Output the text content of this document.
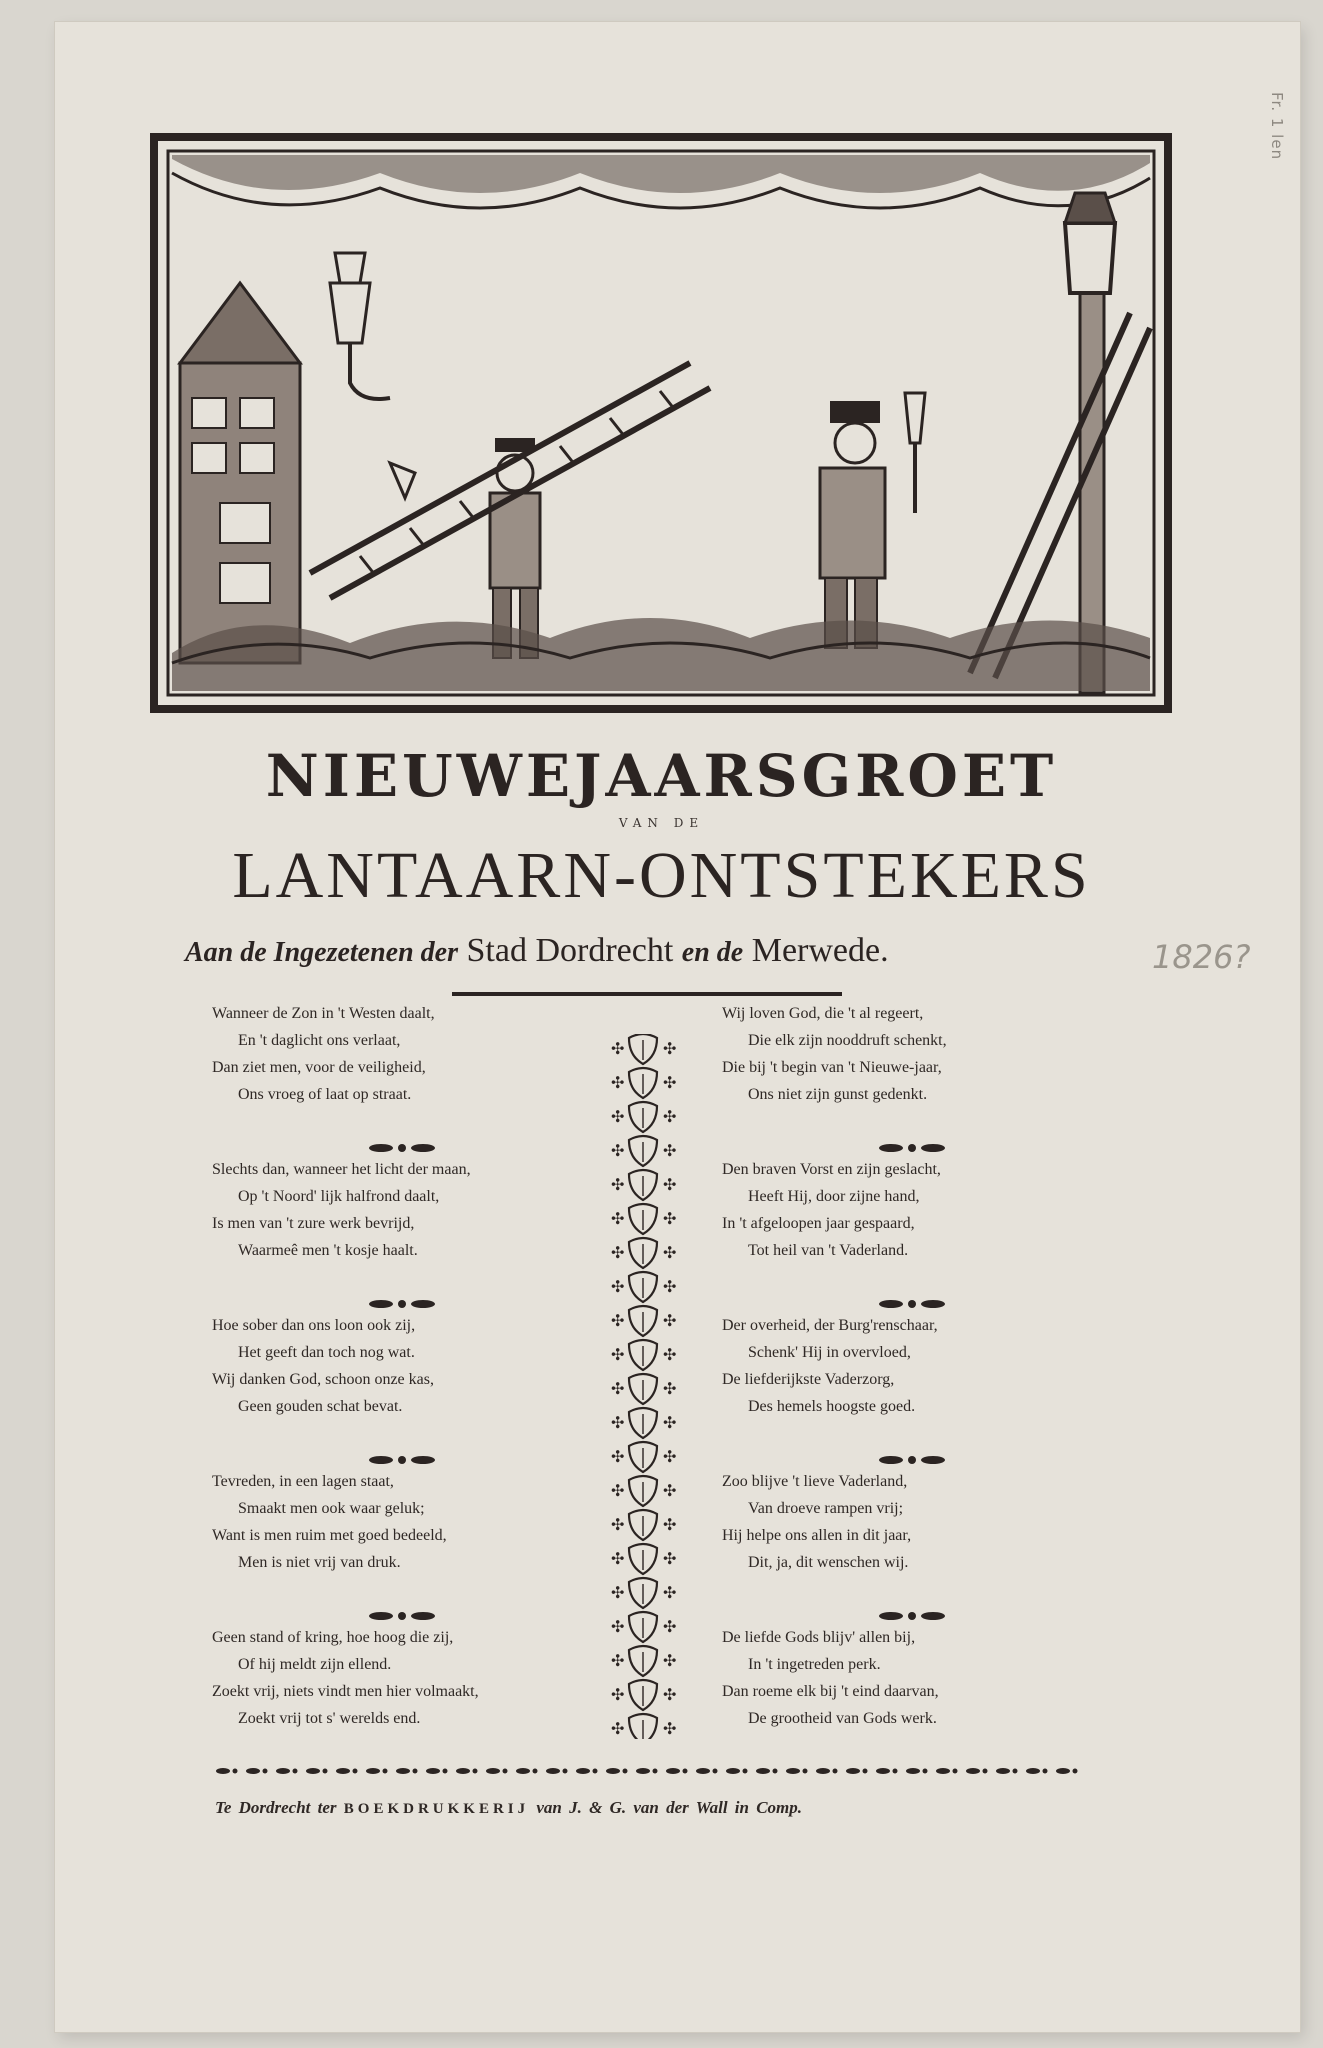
Fr. 1 len
NIEUWEJAARSGROET
VAN DE
LANTAARN-ONTSTEKERS
Aan de Ingezetenen der Stad Dordrecht en de Merwede.	1826?
Wanneer de Zon in 't Westen daalt,
En 't daglicht ons verlaat,
Dan ziet men, voor de veiligheid,
Ons vroeg of laat op straat.
Slechts dan, wanneer het licht der maan,
Op 't Noord' lijk halfrond daalt,
Is men van 't zure werk bevrijd,
Waarmeê men 't kosje haalt.
Hoe sober dan ons loon ook zij,
Het geeft dan toch nog wat.
Wij danken God, schoon onze kas,
Geen gouden schat bevat.
Tevreden, in een lagen staat,
Smaakt men ook waar geluk;
Want is men ruim met goed bedeeld,
Men is niet vrij van druk.
Geen stand of kring, hoe hoog die zij,
Of hij meldt zijn ellend.
Zoekt vrij, niets vindt men hier volmaakt,
Zoekt vrij tot s' werelds end.
Wij loven God, die 't al regeert,
Die elk zijn nooddruft schenkt,
Die bij 't begin van 't Nieuwe-jaar,
Ons niet zijn gunst gedenkt.
Den braven Vorst en zijn geslacht,
Heeft Hij, door zijne hand,
In 't afgeloopen jaar gespaard,
Tot heil van 't Vaderland.
Der overheid, der Burg'renschaar,
Schenk' Hij in overvloed,
De liefderijkste Vaderzorg,
Des hemels hoogste goed.
Zoo blijve 't lieve Vaderland,
Van droeve rampen vrij;
Hij helpe ons allen in dit jaar,
Dit, ja, dit wenschen wij.
De liefde Gods blijv' allen bij,
In 't ingetreden perk.
Dan roeme elk bij 't eind daarvan,
De grootheid van Gods werk.
✣ ✣
✣ ✣
✣ ✣
✣ ✣
✣ ✣
✣ ✣
✣ ✣
✣ ✣
✣ ✣
✣ ✣
✣ ✣
✣ ✣
✣ ✣
✣ ✣
✣ ✣
✣ ✣
✣ ✣
✣ ✣
✣ ✣
✣ ✣
✣ ✣
Te Dordrecht ter BOEKDRUKKERIJ van J. & G. van der Wall in Comp.
